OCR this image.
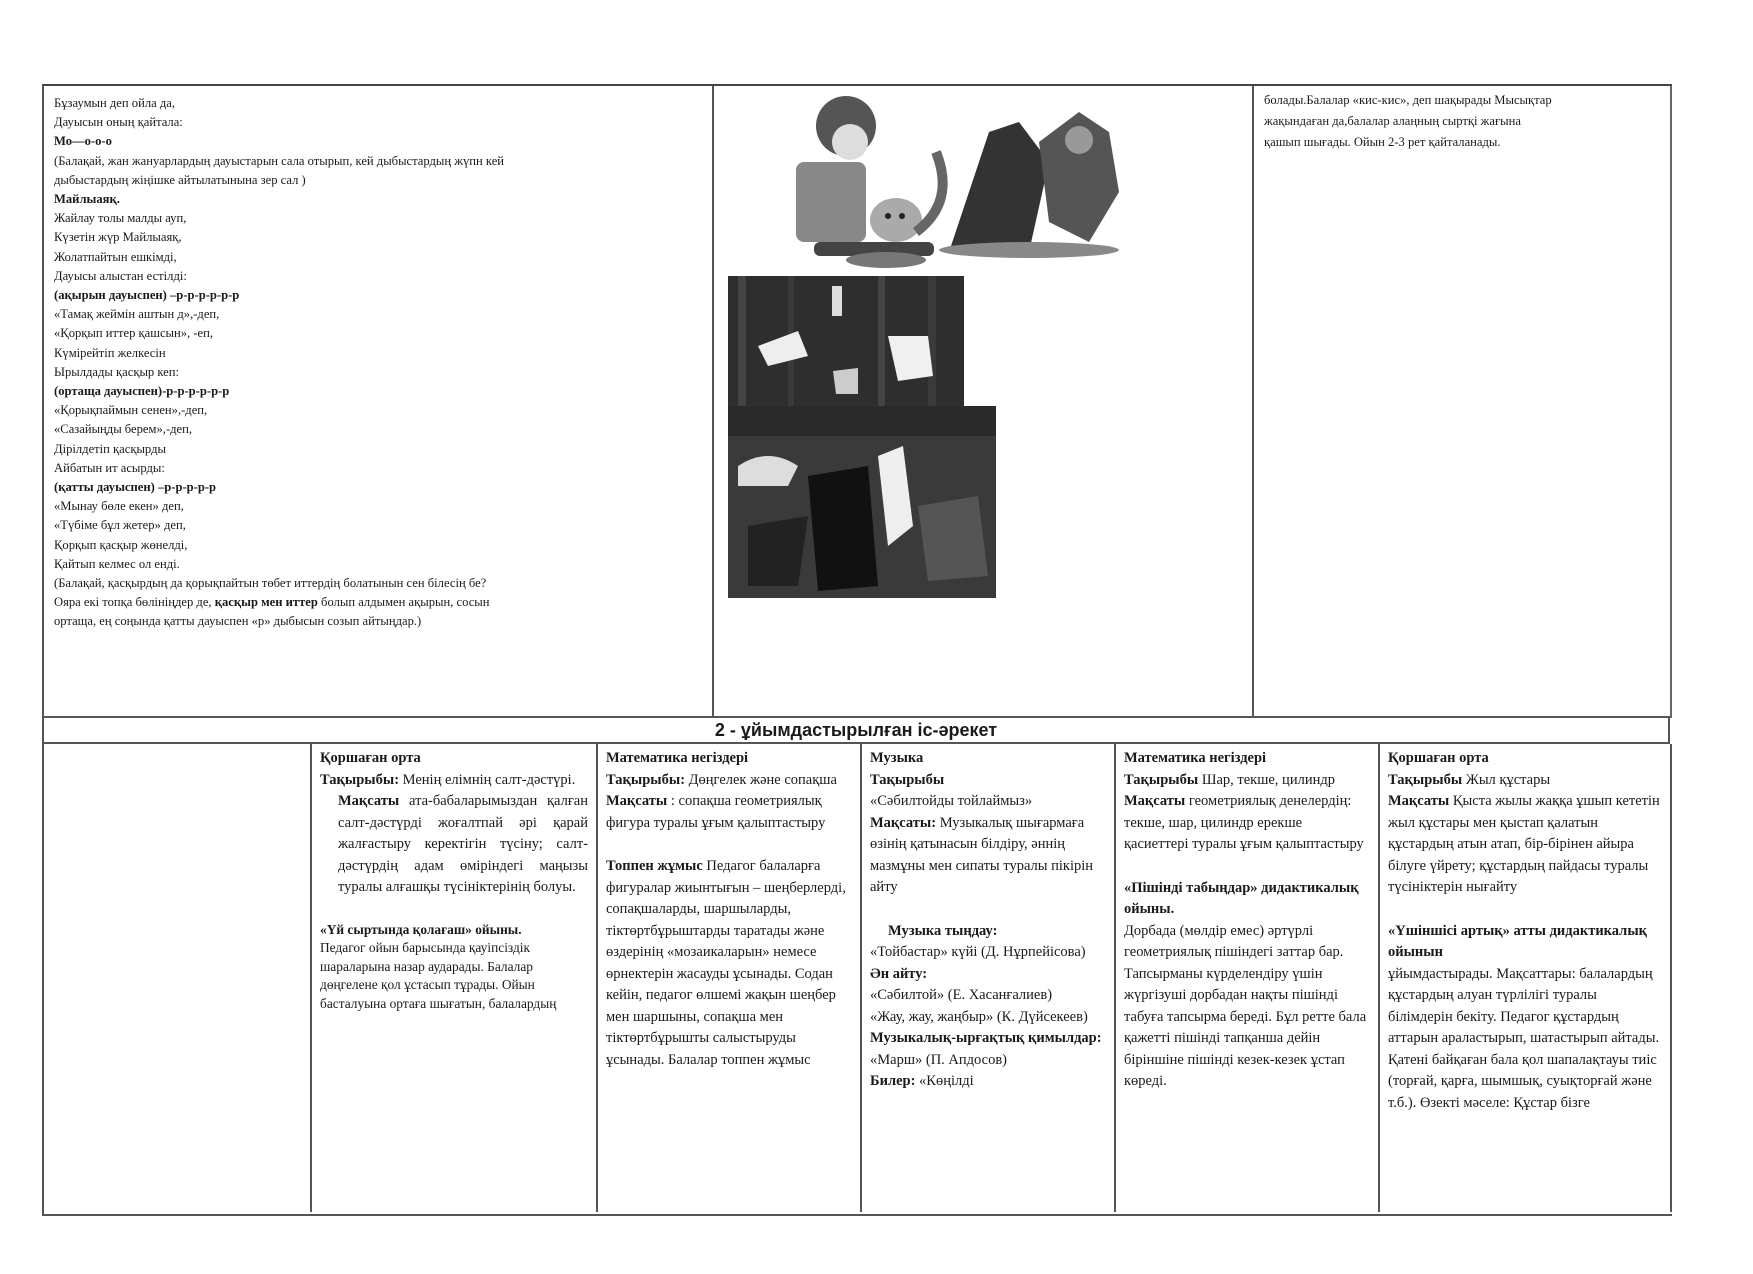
Бұзаумын деп ойла да,
Дауысын оның қайтала:
Мо—о-о-о
(Балақай, жан жануарлардың дауыстарын сала отырып, кей дыбыстардың жүпн кей
дыбыстардың жіңішке айтылатынына зер сал )
Майлыаяқ.
Жайлау толы малды ауп,
Күзетін жүр Майлыаяқ,
Жолатпайтын ешкімді,
Дауысы алыстан естілді:
(ақырын дауыспен) –р-р-р-р-р-р
«Тамақ жеймін аштын д»,-деп,
«Қорқып иттер қашсын», -еп,
Күмірейтіп желкесін
Ырылдады қасқыр кеп:
(ортаща дауыспен)-р-р-р-р-р-р
«Қорықпаймын сенен»,-деп,
«Сазайыңды берем»,-деп,
Дірілдетіп қасқырды
Айбатын ит асырды:
(қатты дауыспен) –р-р-р-р-р
«Мынау бөле екен» деп,
«Түбіме бұл жетер» деп,
Қорқып қасқыр жөнелді,
Қайтып келмес ол енді.
(Балақай, қасқырдың да қорықпайтын төбет иттердің болатынын сен білесің бе?
Ояра екі топқа бөлініңдер де, қасқыр мен иттер болып алдымен ақырын, сосын
ортаща, ең соңында қатты дауыспен «р» дыбысын созып айтыңдар.)
болады.Балалар «кис-кис», деп шақырады Мысықтар
жақындаған да,балалар алаңның сыртқі жағына
қашып шығады. Ойын 2-3 рет қайталанады.
2 - ұйымдастырылған іс-әрекет

Қоршаған орта

Тақырыбы: Менің елімнің салт-дәстүрі.

Мақсаты ата-бабаларымыздан қалған салт-дәстүрді жоғалтпай әрі қарай жалғастыру керектігін түсіну; салт-дәстүрдің адам өміріндегі маңызы туралы алғашқы түсініктерінің болуы.

«Үй сыртында қолағаш» ойыны.

Педагог ойын барысында қауіпсіздік шараларына назар аударады. Балалар дөңгелене қол ұстасып тұрады. Ойын басталуына ортаға шығатын, балалардың

Математика негіздері

Тақырыбы: Дөңгелек және сопақша

Мақсаты : сопақша геометриялық фигура туралы ұғым қалыптастыру

Топпен жұмыс Педагог балаларға фигуралар жиынтығын – шеңберлерді, сопақшаларды, шаршыларды, тіктөртбұрыштарды таратады және өздерінің «мозаикаларын» немесе өрнектерін жасауды ұсынады. Содан кейін, педагог өлшемі жақын шеңбер мен шаршыны, сопақша мен тіктөртбұрышты салыстыруды ұсынады. Балалар топпен жұмыс

Музыка

Тақырыбы

«Сәбилтойды тойлаймыз»

Мақсаты: Музыкалық шығармаға өзінің қатынасын білдіру, әннің мазмұны мен сипаты туралы пікірін айту

Музыка тыңдау:

«Тойбастар» күйі (Д. Нұрпейісова)

Ән айту:

«Сәбилтой» (Е. Хасанғалиев)

«Жау, жау, жаңбыр» (К. Дүйсекеев)

Музыкалық-ырғақтық қимылдар:

«Марш» (П. Апдосов)

Билер: «Көңілді

Математика негіздері

Тақырыбы Шар, текше, цилиндр

Мақсаты геометриялық денелердің: текше, шар, цилиндр ерекше қасиеттері туралы ұғым қалыптастыру

«Пішінді табыңдар» дидактикалық ойыны.

Дорбада (мөлдір емес) әртүрлі геометриялық пішіндегі заттар бар. Тапсырманы күрделендіру үшін жүргізуші дорбадан нақты пішінді табуға тапсырма береді. Бұл ретте бала қажетті пішінді тапқанша дейін біріншіне пішінді кезек-кезек ұстап көреді.

Қоршаған орта

Тақырыбы Жыл құстары

Мақсаты Қыста жылы жаққа ұшып кететін жыл құстары мен қыстап қалатын құстардың атын атап, бір-бірінен айыра білуге үйрету; құстардың пайдасы туралы түсініктерін нығайту

«Үшіншісі артық» атты дидактикалық ойынын

ұйымдастырады. Мақсаттары: балалардың құстардың алуан түрлілігі туралы білімдерін бекіту. Педагог құстардың аттарын араластырып, шатастырып айтады. Қатені байқаған бала қол шапалақтауы тиіс (торғай, қарға, шымшық, суықторғай және т.б.). Өзекті мәселе: Құстар бізге
